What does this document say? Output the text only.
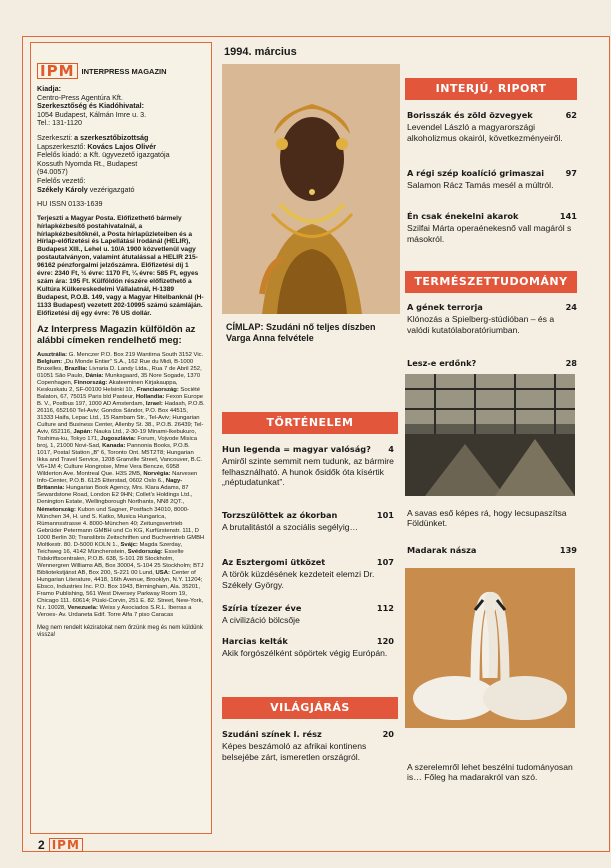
IPM INTERPRESS MAGAZIN
Kiadja:
Centro-Press Agentúra Kft.
Szerkesztőség és Kiadóhivatal:
1054 Budapest, Kálmán Imre u. 3.
Tel.: 131-1120
Szerkeszti: a szerkesztőbizottság
Lapszerkesztő: Kovács Lajos Olivér
Felelős kiadó: a Kft. ügyvezető igazgatója
Kossuth Nyomda Rt., Budapest
(94.0057)
Felelős vezető:
Székely Károly vezérigazgató
HU ISSN 0133-1639
Terjeszti a Magyar Posta. Előfizethető bármely hírlapkézbesítő postahivatalnál, a hírlapkézbesítőknél, a Posta hírlapüzleteiben és a Hírlap-előfizetési és Lapellátási Irodánál (HELIR), Budapest XIII., Lehel u. 10/A 1900 közvetlenül vagy postautalványon, valamint átutalással a HELIR 215-96162 pénzforgalmi jelzőszámra. Előfizetési díj 1 évre: 2340 Ft, ½ évre: 1170 Ft, ¼ évre: 585 Ft, egyes szám ára: 195 Ft. Külföldön részére előfizethető a Kultúra Külkereskedelmi Vállalatnál, H-1389 Budapest, P.O.B. 149, vagy a Magyar Hitelbanknál (H-1133 Budapest) vezetett 202-10995 számú számláján. Előfizetési díj egy évre: 76 US dollár.
Az Interpress Magazin külföldön az alábbi címeken rendelhető meg:
Ausztrália: G. Menczer P.O. Box 219 Wantirna South 3152 Vic. Belgium: „Du Monde Entier” S.A., 162 Rue du Midi, B-1000 Bruxelles, Brazília: Livraria D. Landy Ltda., Rua 7 de Abril 252, 01051 São Paulo, Dánia: Munksgaard, 35 Nore Sogade, 1370 Copenhagen, Finnország: Akateeminen Kirjakauppa, Keskuskatu 2, SF-00100 Helsinki 10., Franciaország: Société Balaton, 67, 75015 Paris bld Pasteur, Hollandia: Fexon Europe B. V., Postbus 197, 1000 AD Amsterdam, Izrael: Hadash, P.O.B. 26116, 652160 Tel-Aviv; Gondos Sándor, P.O. Box 44515, 31333 Haifa, Lepac Ltd., 15 Rambam Str., Tel-Aviv; Hungarian Culture and Business Center, Allenby St. 38., P.O.B. 26439; Tel-Aviv, 652116, Japán: Nauka Ltd., 2-30-19 Minami-Ikebukuro, Toshima-ku, Tokyo 171, Jugoszlávia: Forum, Vojvode Misica broj, 1, 21000 Novi-Sad, Kanada: Pannonia Books, P.O.B. 1017, Postal Station „B” 6, Toronto Ont. M5T2T8; Hungarian Ikka and Travel Service, 1208 Granville Street, Vancouver, B.C. V6+1M 4; Culture Hongroise, Mme Vera Bencze, 6958 Wilderton Ave. Montreal Que. H3S 2M5, Norvégia: Narvesen Info-Center, P.O.B. 6125 Etterstad, 0602 Oslo 6., Nagy-Britannia: Hungarian Book Agency, Mrs. Klara Adams, 87 Sewardstone Road, London E2 9HN; Collet's Holdings Ltd., Denington Estate, Wellingborough Northants, NN8 2QT., Németország: Kubon und Sagner, Postfach 34010, 8000-München 34, H. und S. Katko, Musica Hungarica, Rümannsstrasse 4. 8000-München 40; Zeitungsvertrieb Gebrüder Petermann GMBH und Co KG, Kurfürstenstr. 111, D 1000 Berlin 30; Translibris Zeitschriften und Buchvertrieb GMBH Moltkestr. 80. D-5000 KOLN 1., Svájc: Magda Szerday, Teichweg 16, 4142 Münchenstein, Svédország: Esselte Tidskriftscentralen, P.O.B. 638, S-101 28 Stockholm, Wennergren Williams AB, Box 30004, S-104 25 Stockholm; BTJ Bibliotekstjänst AB, Box 200, S-221 00 Lund, USA: Center of Hungarian Literature, 4418, 16th Avenue, Brooklyn, N.Y. 11204; Ebsco, Industries Inc. P.O. Box 1943, Birmingham, Ala. 35201, Framo Publishing, 561 West Diversey Parkway Room 19, Chicago 111. 60614; Püski-Corvin, 251 E. 82. Street, New-York, N.r. 10028, Venezuela: Weiss y Asociados S.R.L. Iberras a Veroes- Av. Urdaneta Edif. Torre Alfa 7 piso Caracas
Meg nem rendelt kéziratokat nem őrzünk meg és nem küldünk vissza!
1994. március
CÍMLAP: Szudáni nő teljes díszben Varga Anna felvétele
INTERJÚ, RIPORT
Borisszák és zöld özvegyek	62
Levendel László a magyarországi alkoholizmus okairól, következményeiről.
A régi szép koalíció grimaszai	97
Salamon Rácz Tamás mesél a múltról.
Én csak énekelni akarok	141
Szilfai Márta operaénekesnő vall magáról s másokról.
TERMÉSZETTUDOMÁNY
A gének terrorja	24
Klónozás a Spielberg-stúdióban – és a valódi kutatólaboratóriumban.
Lesz-e erdőnk?	28
A savas eső képes rá, hogy lecsupaszítsa Földünket.
Madarak násza	139
A szerelemről lehet beszélni tudományosan is… Főleg ha madarakról van szó.
TÖRTÉNELEM
Hun legenda = magyar valóság? 4
Amiről szinte semmit nem tudunk, az bármire felhasználható. A hunok ősidők óta kísértik „néptudatunkat”.
Torzszülöttek az ókorban	101
A brutalitástól a szociális segélyig…
Az Esztergomi ütközet	107
A török küzdésének kezdeteit elemzi Dr. Székely György.
Szíria tízezer éve	112
A civilizáció bölcsője
Harcias kelták	120
Akik forgószélként söpörtek végig Európán.
VILÁGJÁRÁS
Szudáni színek I. rész	20
Képes beszámoló az afrikai kontinens belsejébe zárt, ismeretlen országról.
2 IPM
